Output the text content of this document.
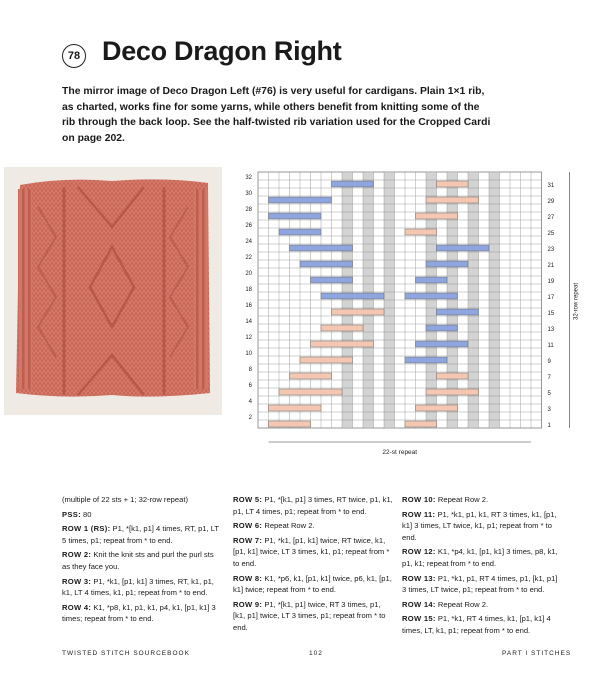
78 Deco Dragon Right
The mirror image of Deco Dragon Left (#76) is very useful for cardigans. Plain 1×1 rib, as charted, works fine for some yarns, while others benefit from knitting some of the rib through the back loop. See the half-twisted rib variation used for the Cropped Cardi on page 202.
32
30
28
26
24
22
20
18
16
14
12
10
8
6
4
2
31
29
27
25
23
21
19
17
15
13
11
9
7
5
3
1
32-row repeat
22-st repeat

(multiple of 22 sts + 1; 32-row repeat)

PSS: 80

ROW 1 (RS): P1, *[k1, p1] 4 times, RT, p1, LT 5 times, p1; repeat from * to end.

ROW 2: Knit the knit sts and purl the purl sts as they face you.

ROW 3: P1, *k1, [p1, k1] 3 times, RT, k1, p1, k1, LT 4 times, k1, p1; repeat from * to end.

ROW 4: K1, *p8, k1, p1, k1, p4, k1, [p1, k1] 3 times; repeat from * to end.

ROW 5: P1, *[k1, p1] 3 times, RT twice, p1, k1, p1, LT 4 times, p1; repeat from * to end.

ROW 6: Repeat Row 2.

ROW 7: P1, *k1, [p1, k1] twice, RT twice, k1, [p1, k1] twice, LT 3 times, k1, p1; repeat from * to end.

ROW 8: K1, *p6, k1, [p1, k1] twice, p6, k1, [p1, k1] twice; repeat from * to end.

ROW 9: P1, *[k1, p1] twice, RT 3 times, p1, [k1, p1] twice, LT 3 times, p1; repeat from * to end.

ROW 10: Repeat Row 2.

ROW 11: P1, *k1, p1, k1, RT 3 times, k1, [p1, k1] 3 times, LT twice, k1, p1; repeat from * to end.

ROW 12: K1, *p4, k1, [p1, k1] 3 times, p8, k1, p1, k1; repeat from * to end.

ROW 13: P1, *k1, p1, RT 4 times, p1, [k1, p1] 3 times, LT twice, p1; repeat from * to end.

ROW 14: Repeat Row 2.

ROW 15: P1, *k1, RT 4 times, k1, [p1, k1] 4 times, LT, k1, p1; repeat from * to end.

TWISTED STITCH SOURCEBOOK	102	PART I STITCHES
